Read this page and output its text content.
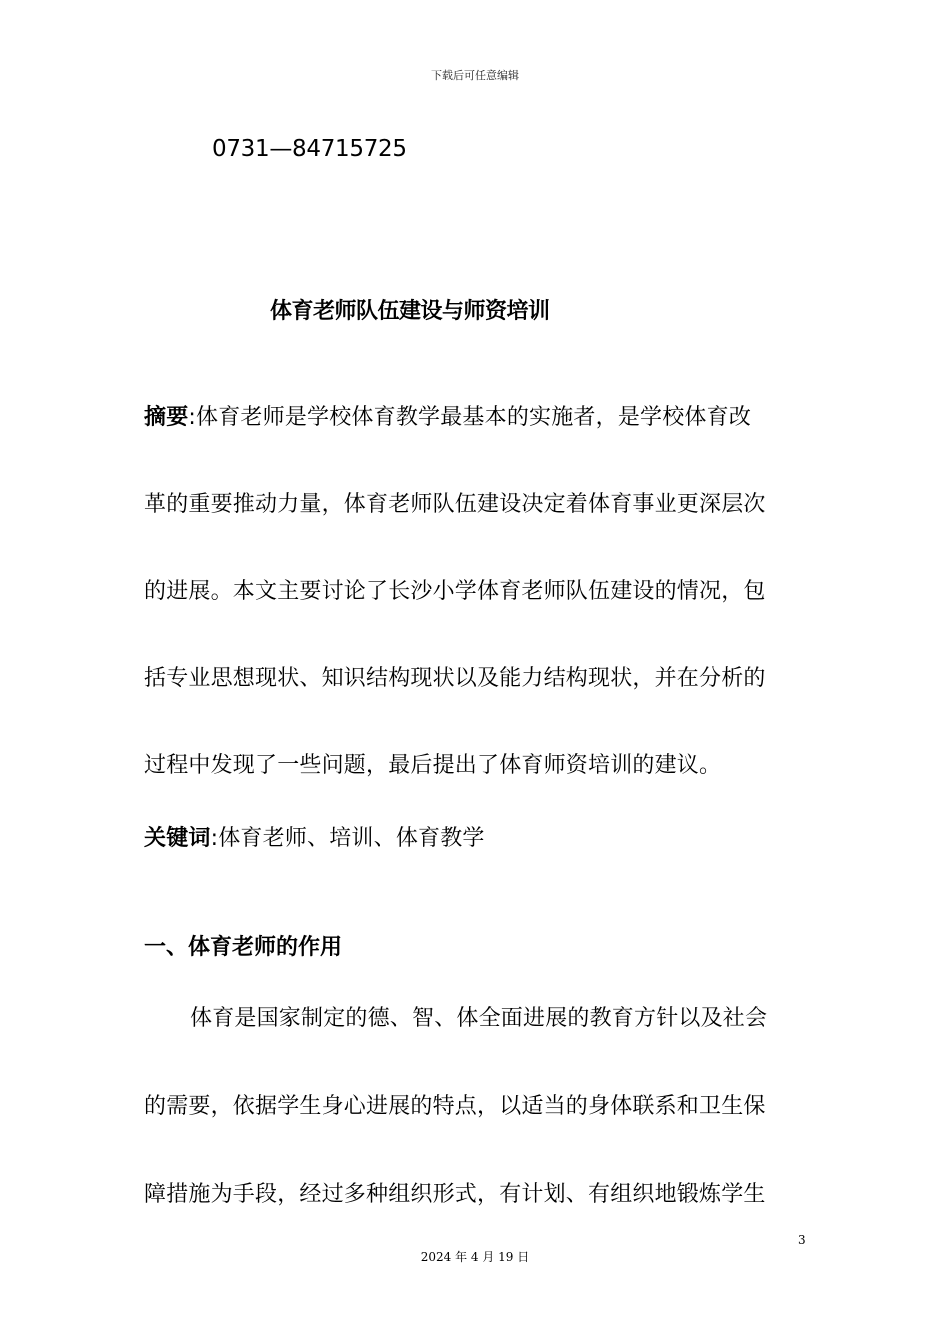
下载后可任意编辑
0731—84715725
体育老师队伍建设与师资培训
摘要:体育老师是学校体育教学最基本的实施者，是学校体育改
革的重要推动力量，体育老师队伍建设决定着体育事业更深层次
的进展。本文主要讨论了长沙小学体育老师队伍建设的情况，包
括专业思想现状、知识结构现状以及能力结构现状，并在分析的
过程中发现了一些问题，最后提出了体育师资培训的建议。
关键词:体育老师、培训、体育教学
一、体育老师的作用
体育是国家制定的德、智、体全面进展的教育方针以及社会
的需要，依据学生身心进展的特点，以适当的身体联系和卫生保
障措施为手段，经过多种组织形式，有计划、有组织地锻炼学生
3
2024 年 4 月 19 日
